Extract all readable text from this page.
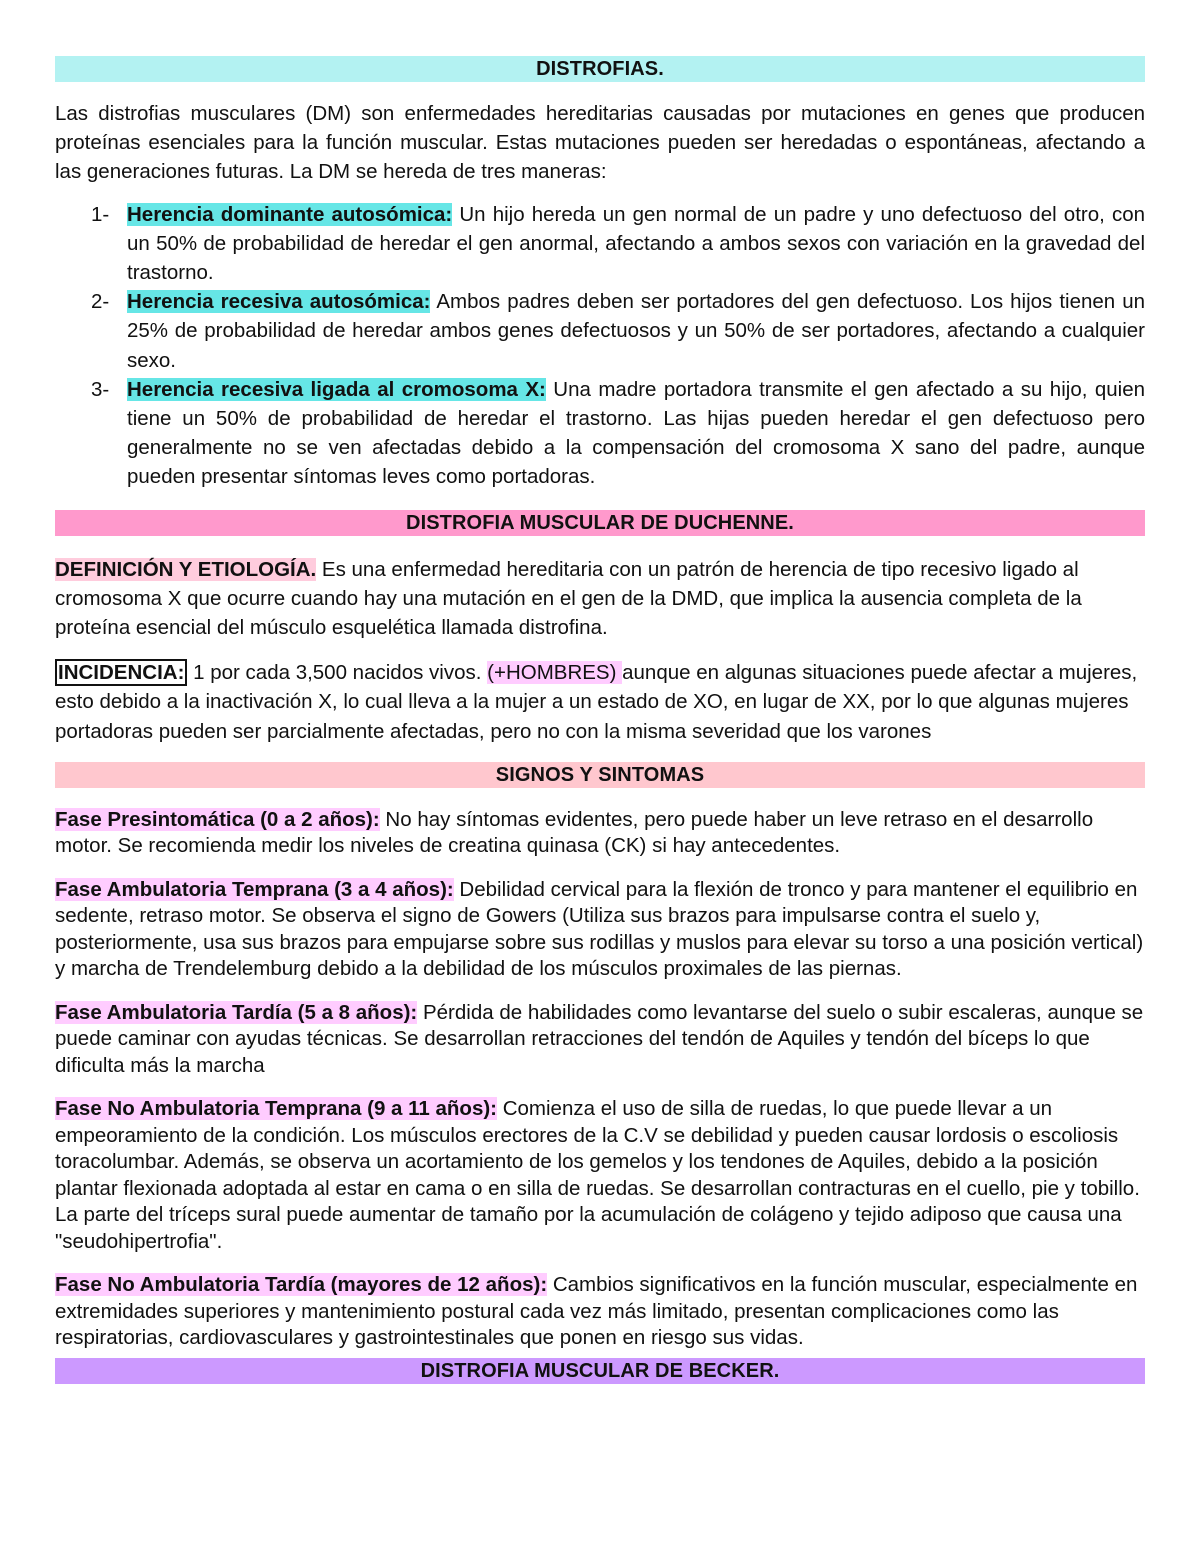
DISTROFIAS.

Las distrofias musculares (DM) son enfermedades hereditarias causadas por mutaciones en genes que producen proteínas esenciales para la función muscular. Estas mutaciones pueden ser heredadas o espontáneas, afectando a las generaciones futuras. La DM se hereda de tres maneras:

1- Herencia dominante autosómica: Un hijo hereda un gen normal de un padre y uno defectuoso del otro, con un 50% de probabilidad de heredar el gen anormal, afectando a ambos sexos con variación en la gravedad del trastorno.
2- Herencia recesiva autosómica: Ambos padres deben ser portadores del gen defectuoso. Los hijos tienen un 25% de probabilidad de heredar ambos genes defectuosos y un 50% de ser portadores, afectando a cualquier sexo.
3- Herencia recesiva ligada al cromosoma X: Una madre portadora transmite el gen afectado a su hijo, quien tiene un 50% de probabilidad de heredar el trastorno. Las hijas pueden heredar el gen defectuoso pero generalmente no se ven afectadas debido a la compensación del cromosoma X sano del padre, aunque pueden presentar síntomas leves como portadoras.
DISTROFIA MUSCULAR DE DUCHENNE.

DEFINICIÓN Y ETIOLOGÍA. Es una enfermedad hereditaria con un patrón de herencia de tipo recesivo ligado al cromosoma X que ocurre cuando hay una mutación en el gen de la DMD, que implica la ausencia completa de la proteína esencial del músculo esquelética llamada distrofina.

INCIDENCIA: 1 por cada 3,500 nacidos vivos. (+HOMBRES) aunque en algunas situaciones puede afectar a mujeres, esto debido a la inactivación X, lo cual lleva a la mujer a un estado de XO, en lugar de XX, por lo que algunas mujeres portadoras pueden ser parcialmente afectadas, pero no con la misma severidad que los varones

SIGNOS Y SINTOMAS

Fase Presintomática (0 a 2 años): No hay síntomas evidentes, pero puede haber un leve retraso en el desarrollo motor. Se recomienda medir los niveles de creatina quinasa (CK) si hay antecedentes.

Fase Ambulatoria Temprana (3 a 4 años): Debilidad cervical para la flexión de tronco y para mantener el equilibrio en sedente, retraso motor. Se observa el signo de Gowers (Utiliza sus brazos para impulsarse contra el suelo y, posteriormente, usa sus brazos para empujarse sobre sus rodillas y muslos para elevar su torso a una posición vertical) y marcha de Trendelemburg debido a la debilidad de los músculos proximales de las piernas.

Fase Ambulatoria Tardía (5 a 8 años): Pérdida de habilidades como levantarse del suelo o subir escaleras, aunque se puede caminar con ayudas técnicas. Se desarrollan retracciones del tendón de Aquiles y tendón del bíceps lo que dificulta más la marcha

Fase No Ambulatoria Temprana (9 a 11 años): Comienza el uso de silla de ruedas, lo que puede llevar a un empeoramiento de la condición. Los músculos erectores de la C.V se debilidad y pueden causar lordosis o escoliosis toracolumbar. Además, se observa un acortamiento de los gemelos y los tendones de Aquiles, debido a la posición plantar flexionada adoptada al estar en cama o en silla de ruedas. Se desarrollan contracturas en el cuello, pie y tobillo. La parte del tríceps sural puede aumentar de tamaño por la acumulación de colágeno y tejido adiposo que causa una "seudohipertrofia".

Fase No Ambulatoria Tardía (mayores de 12 años): Cambios significativos en la función muscular, especialmente en extremidades superiores y mantenimiento postural cada vez más limitado, presentan complicaciones como las respiratorias, cardiovasculares y gastrointestinales que ponen en riesgo sus vidas.

DISTROFIA MUSCULAR DE BECKER.
